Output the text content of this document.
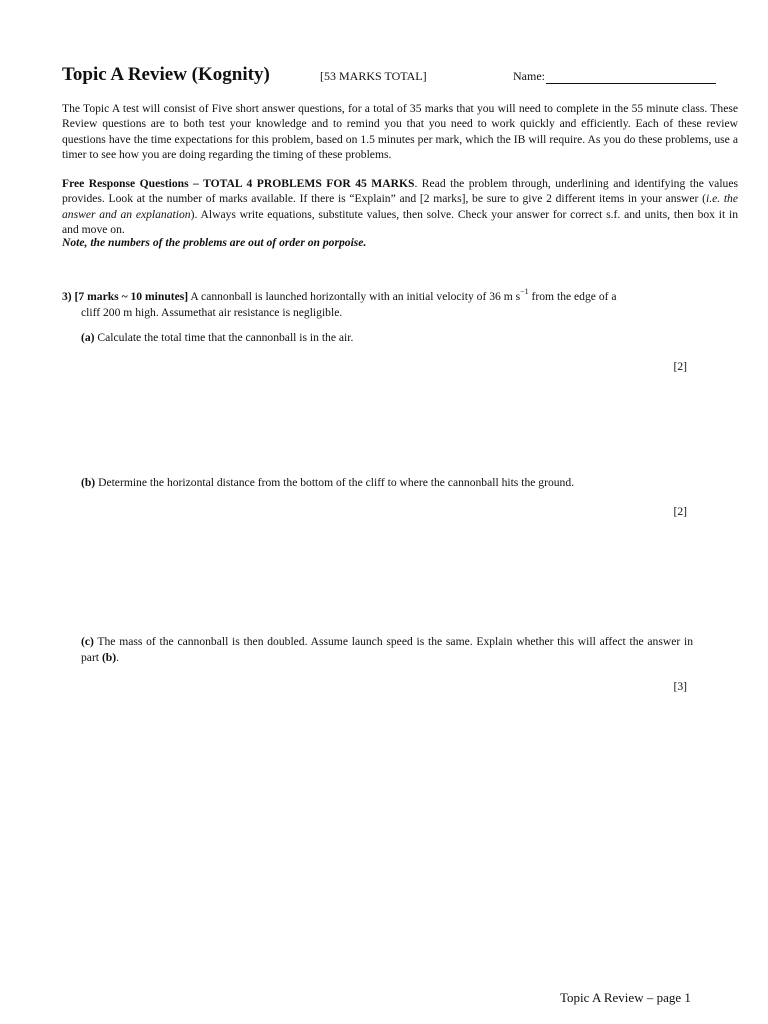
Topic A Review (Kognity)	[53 MARKS TOTAL]	Name:
The Topic A test will consist of Five short answer questions, for a total of 35 marks that you will need to complete in the 55 minute class. These Review questions are to both test your knowledge and to remind you that you need to work quickly and efficiently. Each of these review questions have the time expectations for this problem, based on 1.5 minutes per mark, which the IB will require. As you do these problems, use a timer to see how you are doing regarding the timing of these problems.
Free Response Questions – TOTAL 4 PROBLEMS FOR 45 MARKS. Read the problem through, underlining and identifying the values provides. Look at the number of marks available. If there is “Explain” and [2 marks], be sure to give 2 different items in your answer (i.e. the answer and an explanation). Always write equations, substitute values, then solve. Check your answer for correct s.f. and units, then box it in and move on.
Note, the numbers of the problems are out of order on porpoise.
3) [7 marks ~ 10 minutes] A cannonball is launched horizontally with an initial velocity of 36 m $s^{-1}$ from the edge of a
cliff 200 m high. Assumethat air resistance is negligible.
(a) Calculate the total time that the cannonball is in the air.
[2]
(b) Determine the horizontal distance from the bottom of the cliff to where the cannonball hits the ground.
[2]
(c) The mass of the cannonball is then doubled. Assume launch speed is the same. Explain whether this will affect the answer in part (b).
[3]
Topic A Review – page 1
